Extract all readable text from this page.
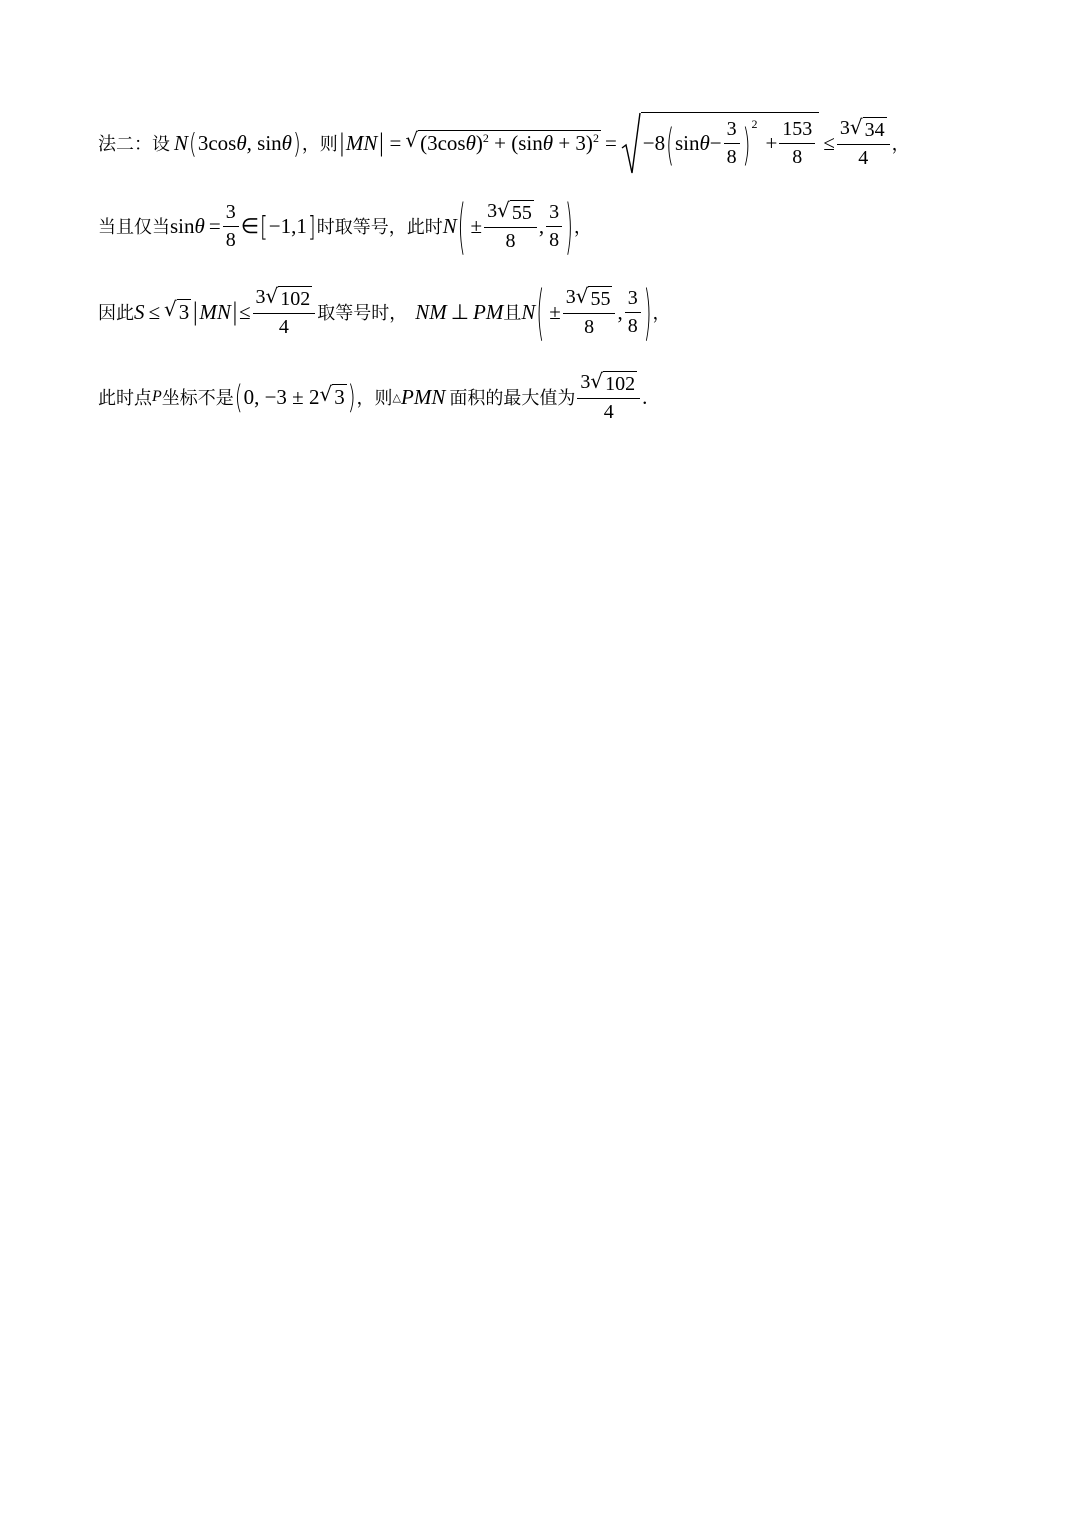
法二：设 N ( 3cos θ , sin θ ) ，则 | MN | = √ $(3\cos\theta)^2 + (\sin\theta + 3)^2 = -8$ ( $\sin \theta - \frac{3}{8} )^2$
+ $\frac{153}{8} \le \frac{3 √ 34}{4}$ ，
当且仅当 $\sin \theta = \frac{3}{8}$ ∈ [ −1,1 ] 时取等号，此时 N ( ± $\frac{3 √ 55}{8}$ , $\frac{3}{8}$ ) ，
因此 S ≤ √ 3 | MN | ≤ $\frac{3 √ 102}{4}$ 取等号时， NM ⊥ PM 且 N ( ± $\frac{3 √ 55}{8}$ , $\frac{3}{8}$ ) ，
此时点 P 坐标不是 ( 0, −3 ± 2 √ 3 ) ，则 △ PMN 面积的最大值为 $\frac{3 √ 102}{4}$ .
